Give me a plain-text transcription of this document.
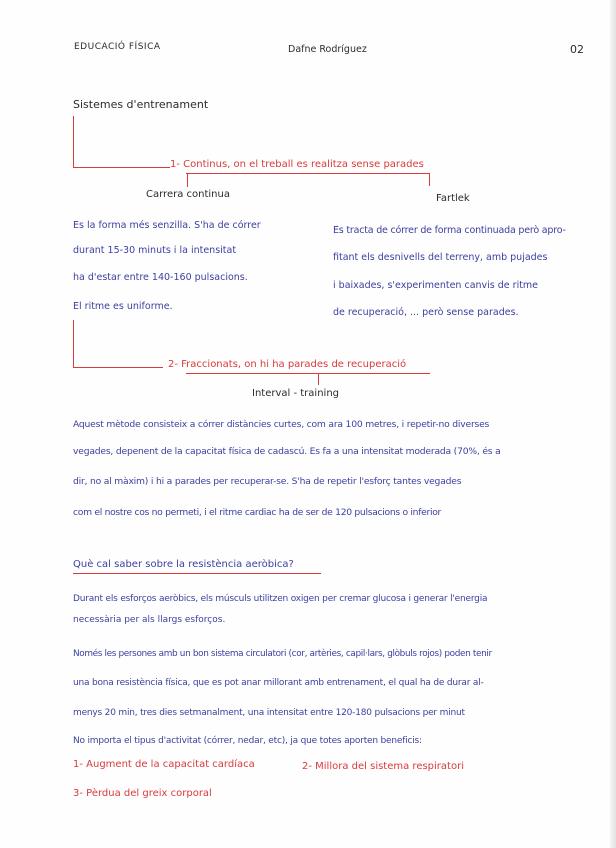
EDUCACIÓ FÍSICA	Dafne Rodríguez	02
Sistemes d'entrenament
1- Continus, on el treball es realitza sense parades
Carrera continua	Fartlek
Es la forma més senzilla. S'ha de córrer
durant 15-30 minuts i la intensitat
ha d'estar entre 140-160 pulsacions.
El ritme es uniforme.
Es tracta de córrer de forma continuada però apro-
fitant els desnivells del terreny, amb pujades
i baixades, s'experimenten canvis de ritme
de recuperació, ... però sense parades.
2- Fraccionats, on hi ha parades de recuperació
Interval - training
Aquest mètode consisteix a córrer distàncies curtes, com ara 100 metres, i repetir-no diverses
vegades, depenent de la capacitat física de cadascú. Es fa a una intensitat moderada (70%, és a
dir, no al màxim) i hi a parades per recuperar-se. S'ha de repetir l'esforç tantes vegades
com el nostre cos no permeti, i el ritme cardiac ha de ser de 120 pulsacions o inferior
Què cal saber sobre la resistència aeròbica?
Durant els esforços aeròbics, els músculs utilitzen oxigen per cremar glucosa i generar l'energia
necessària per als llargs esforços.
Només les persones amb un bon sistema circulatori (cor, artèries, capil·lars, glòbuls rojos) poden tenir
una bona resistència física, que es pot anar millorant amb entrenament, el qual ha de durar al-
menys 20 min, tres dies setmanalment, una intensitat entre 120-180 pulsacions per minut
No importa el tipus d'activitat (córrer, nedar, etc), ja que totes aporten beneficis:
1- Augment de la capacitat cardíaca	2- Millora del sistema respiratori
3- Pèrdua del greix corporal
